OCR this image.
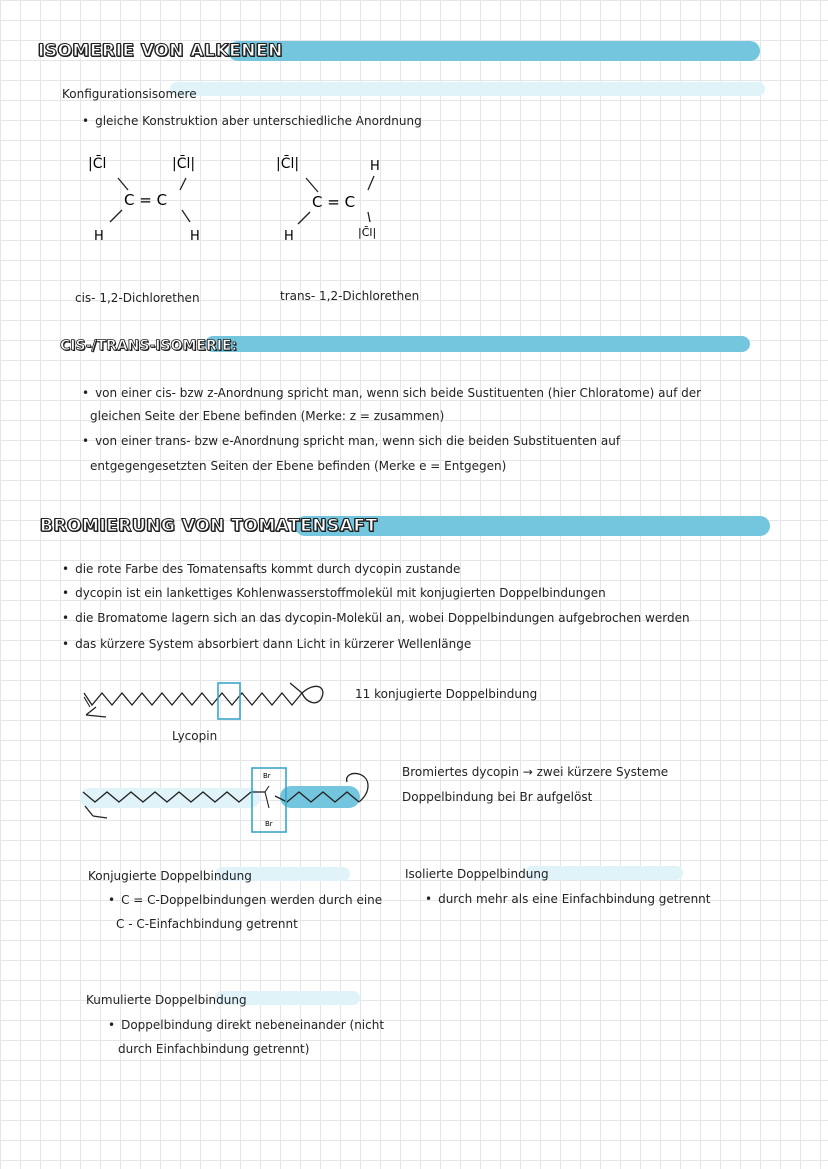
ISOMERIE VON ALKENEN
Konfigurationsisomere
• gleiche Konstruktion aber unterschiedliche Anordnung
|C̄l	|C̄l|
C = C
H	H
|C̄l|	H
C = C
H	|C̄l|
cis- 1,2-Dichlorethen	trans- 1,2-Dichlorethen
CIS-/TRANS-ISOMERIE:
• von einer cis- bzw z-Anordnung spricht man, wenn sich beide Sustituenten (hier Chloratome) auf der
gleichen Seite der Ebene befinden (Merke: z = zusammen)
• von einer trans- bzw e-Anordnung spricht man, wenn sich die beiden Substituenten auf
entgegengesetzten Seiten der Ebene befinden (Merke e = Entgegen)
BROMIERUNG VON TOMATENSAFT
• die rote Farbe des Tomatensafts kommt durch dycopin zustande
• dycopin ist ein lankettiges Kohlenwasserstoffmolekül mit konjugierten Doppelbindungen
• die Bromatome lagern sich an das dycopin-Molekül an, wobei Doppelbindungen aufgebrochen werden
• das kürzere System absorbiert dann Licht in kürzerer Wellenlänge
Lycopin
11 konjugierte Doppelbindung
Br
Br
Bromiertes dycopin → zwei kürzere Systeme
Doppelbindung bei Br aufgelöst
Konjugierte Doppelbindung
• C = C-Doppelbindungen werden durch eine
C - C-Einfachbindung getrennt
Isolierte Doppelbindung
• durch mehr als eine Einfachbindung getrennt
Kumulierte Doppelbindung
• Doppelbindung direkt nebeneinander (nicht
durch Einfachbindung getrennt)
